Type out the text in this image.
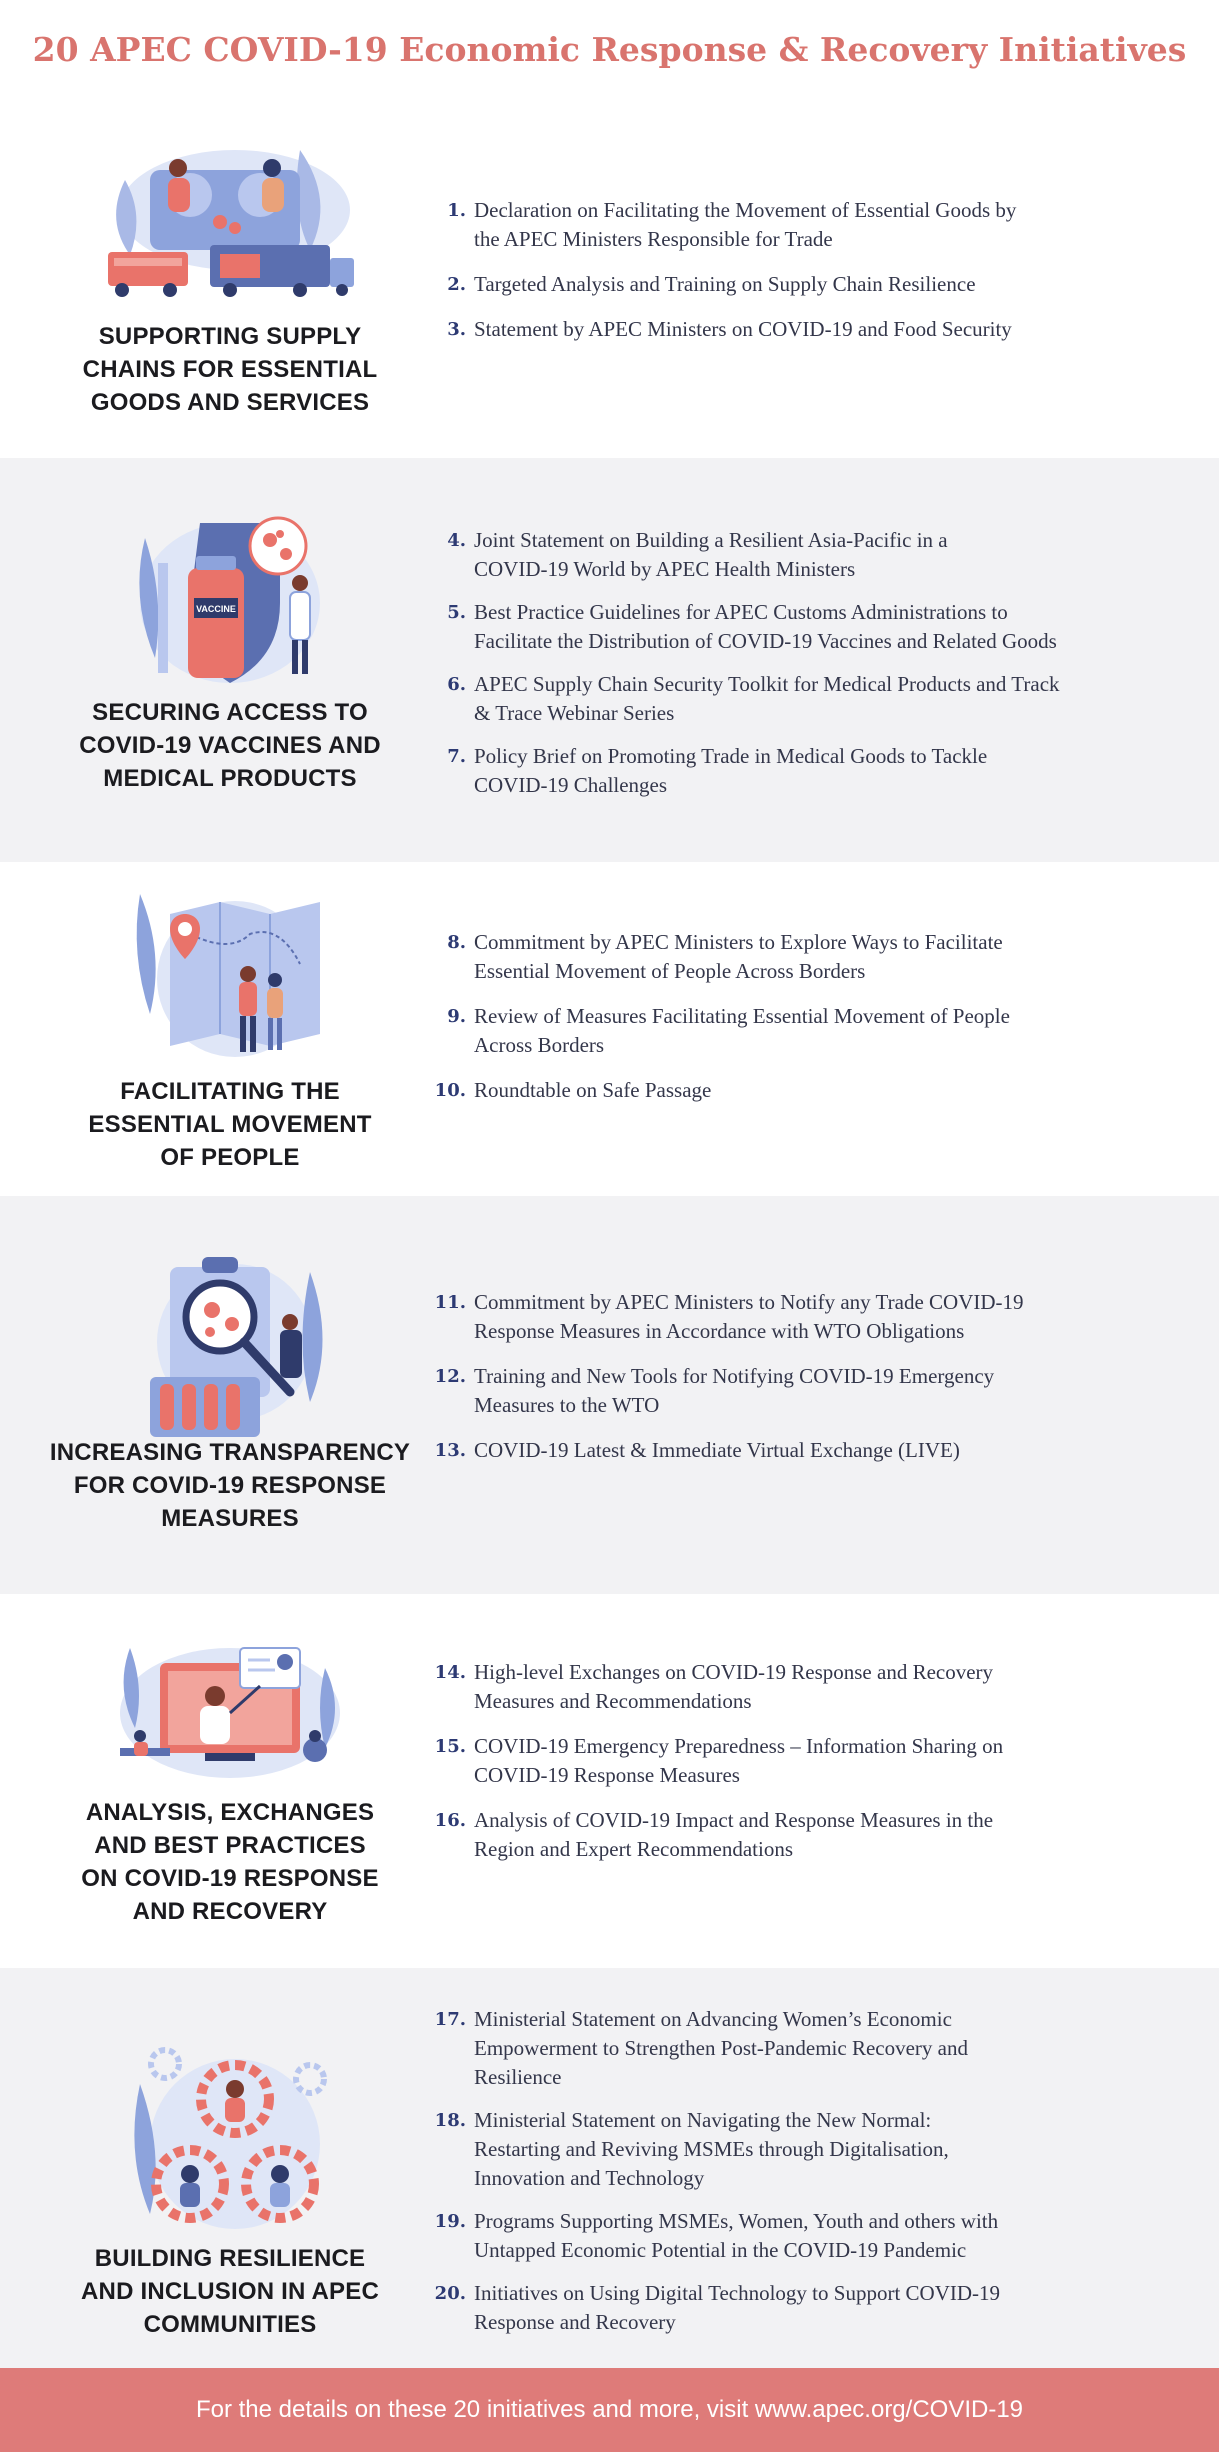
20 APEC COVID-19 Economic Response & Recovery Initiatives
SUPPORTING SUPPLY
CHAINS FOR ESSENTIAL
GOODS AND SERVICES
1. Declaration on Facilitating the Movement of Essential Goods by
the APEC Ministers Responsible for Trade
2. Targeted Analysis and Training on Supply Chain Resilience
3. Statement by APEC Ministers on COVID-19 and Food Security
VACCINE
SECURING ACCESS TO
COVID-19 VACCINES AND
MEDICAL PRODUCTS
4. Joint Statement on Building a Resilient Asia-Pacific in a
COVID-19 World by APEC Health Ministers
5. Best Practice Guidelines for APEC Customs Administrations to
Facilitate the Distribution of COVID-19 Vaccines and Related Goods
6. APEC Supply Chain Security Toolkit for Medical Products and Track
& Trace Webinar Series
7. Policy Brief on Promoting Trade in Medical Goods to Tackle
COVID-19 Challenges
FACILITATING THE
ESSENTIAL MOVEMENT
OF PEOPLE
8. Commitment by APEC Ministers to Explore Ways to Facilitate
Essential Movement of People Across Borders
9. Review of Measures Facilitating Essential Movement of People
Across Borders
10. Roundtable on Safe Passage
INCREASING TRANSPARENCY
FOR COVID-19 RESPONSE
MEASURES
11. Commitment by APEC Ministers to Notify any Trade COVID-19
Response Measures in Accordance with WTO Obligations
12. Training and New Tools for Notifying COVID-19 Emergency
Measures to the WTO
13. COVID-19 Latest & Immediate Virtual Exchange (LIVE)
ANALYSIS, EXCHANGES
AND BEST PRACTICES
ON COVID-19 RESPONSE
AND RECOVERY
14. High-level Exchanges on COVID-19 Response and Recovery
Measures and Recommendations
15. COVID-19 Emergency Preparedness – Information Sharing on
COVID-19 Response Measures
16. Analysis of COVID-19 Impact and Response Measures in the
Region and Expert Recommendations
BUILDING RESILIENCE
AND INCLUSION IN APEC
COMMUNITIES
17. Ministerial Statement on Advancing Women’s Economic
Empowerment to Strengthen Post-Pandemic Recovery and
Resilience
18. Ministerial Statement on Navigating the New Normal:
Restarting and Reviving MSMEs through Digitalisation,
Innovation and Technology
19. Programs Supporting MSMEs, Women, Youth and others with
Untapped Economic Potential in the COVID-19 Pandemic
20. Initiatives on Using Digital Technology to Support COVID-19
Response and Recovery
For the details on these 20 initiatives and more, visit www.apec.org/COVID-19
